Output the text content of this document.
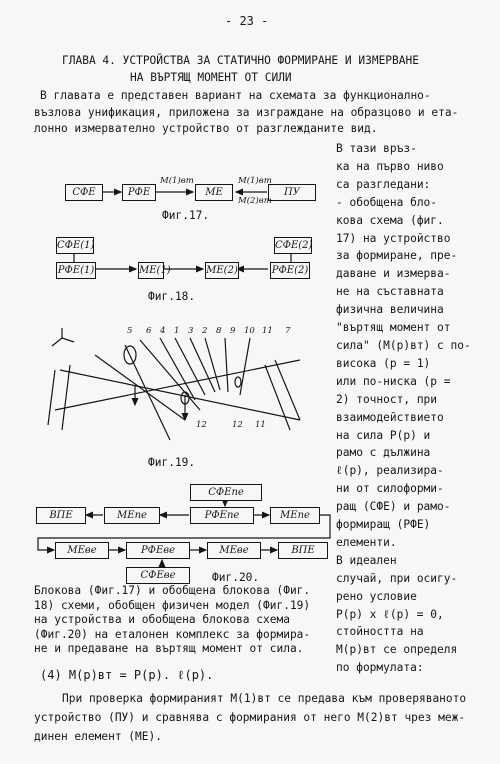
- 23 -
ГЛАВА 4. УСТРОЙСТВА ЗА СТАТИЧНО ФОРМИРАНЕ И ИЗМЕРВАНЕ
НА ВЪРТЯЩ МОМЕНТ ОТ СИЛИ
В главата е представен вариант на схемата за функционално-
възлова унификация, приложена за изграждане на образцово и ета-
лонно измервателно устройство от разглежданите вид.
В тази връз-
ка на първо ниво
са разгледани:
- обобщена бло-
кова схема (фиг.
17) на устройство
за формиране, пре-
даване и измерва-
не на съставната
физична величина
"въртящ момент от
сила" (M(p)вт) с по-
висока (p = 1)
или по-ниска (p =
2) точност, при
взаимодействието
на сила P(p) и
рамо с дължина
ℓ(p), реализира-
ни от силоформи-
ращ (СФЕ) и рамо-
формиращ (РФЕ)
елементи.
В идеален
случай, при осигу-
рено условие
P(p) x ℓ(p) = 0,
стойността на
M(p)вт се определя
по формулата:
СФЕ	РФЕ	МЕ	ПУ
M(1)вт	M(1)вт
M(2)вт
Фиг.17.
СФЕ(1)
РФЕ(1)	МЕ(1)	МЕ(2)	РФЕ(2)
СФЕ(2)
Фиг.18.
5 6 4 1 3 2 8 9 10 11 7
12	12 11
Фиг.19.
СФЕпе
ВПЕ	МЕпе	РФЕпе	МЕпе
МЕве	РФЕве	МЕве	ВПЕ
СФЕве	Фиг.20.
Блокова (Фиг.17) и обобщена блокова (Фиг.
18) схеми, обобщен физичен модел (Фиг.19)
на устройства и обобщена блокова схема
(Фиг.20) на еталонен комплекс за формира-
не и предаване на въртящ момент от сила.
(4) M(p)вт = P(p). ℓ(p).
При проверка формираният M(1)вт се предава към проверяваното
устройство (ПУ) и сравнява с формирания от него M(2)вт чрез меж-
динен елемент (МЕ).
